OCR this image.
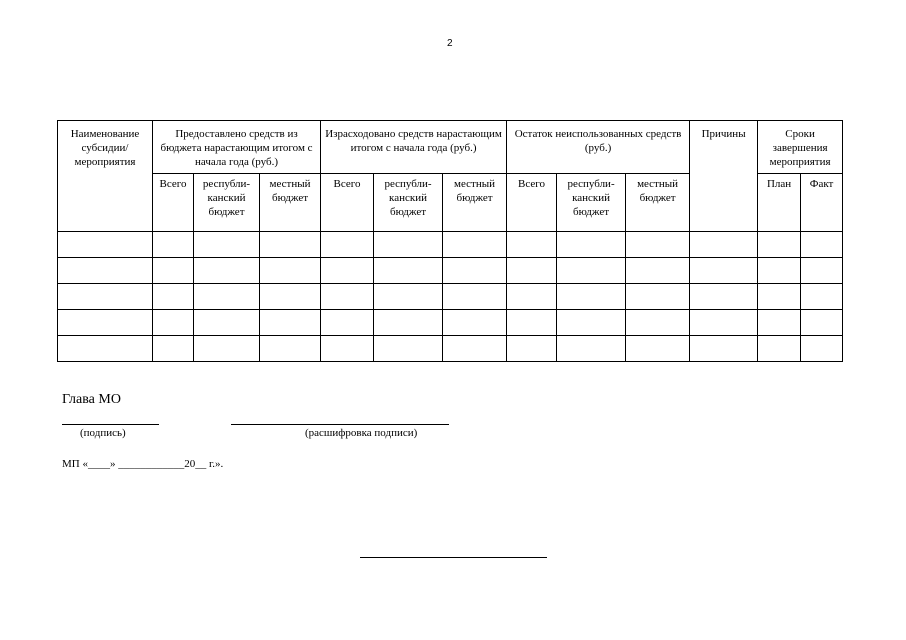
2
Наименование субсидии/ мероприятия	Предоставлено средств из бюджета нарастающим итогом с начала года (руб.)			Израсходовано средств нарастающим итогом с начала года (руб.)			Остаток неиспользованных средств (руб.)			Причины	Сроки завершения мероприятия	

	Всего	республи-канский бюджет	местный бюджет	Всего	республи-канский бюджет	местный бюджет	Всего	республи-канский бюджет	местный бюджет		План	Факт

Глава МО
(подпись)	(расшифровка подписи)
МП «____» ____________20__ г.».
